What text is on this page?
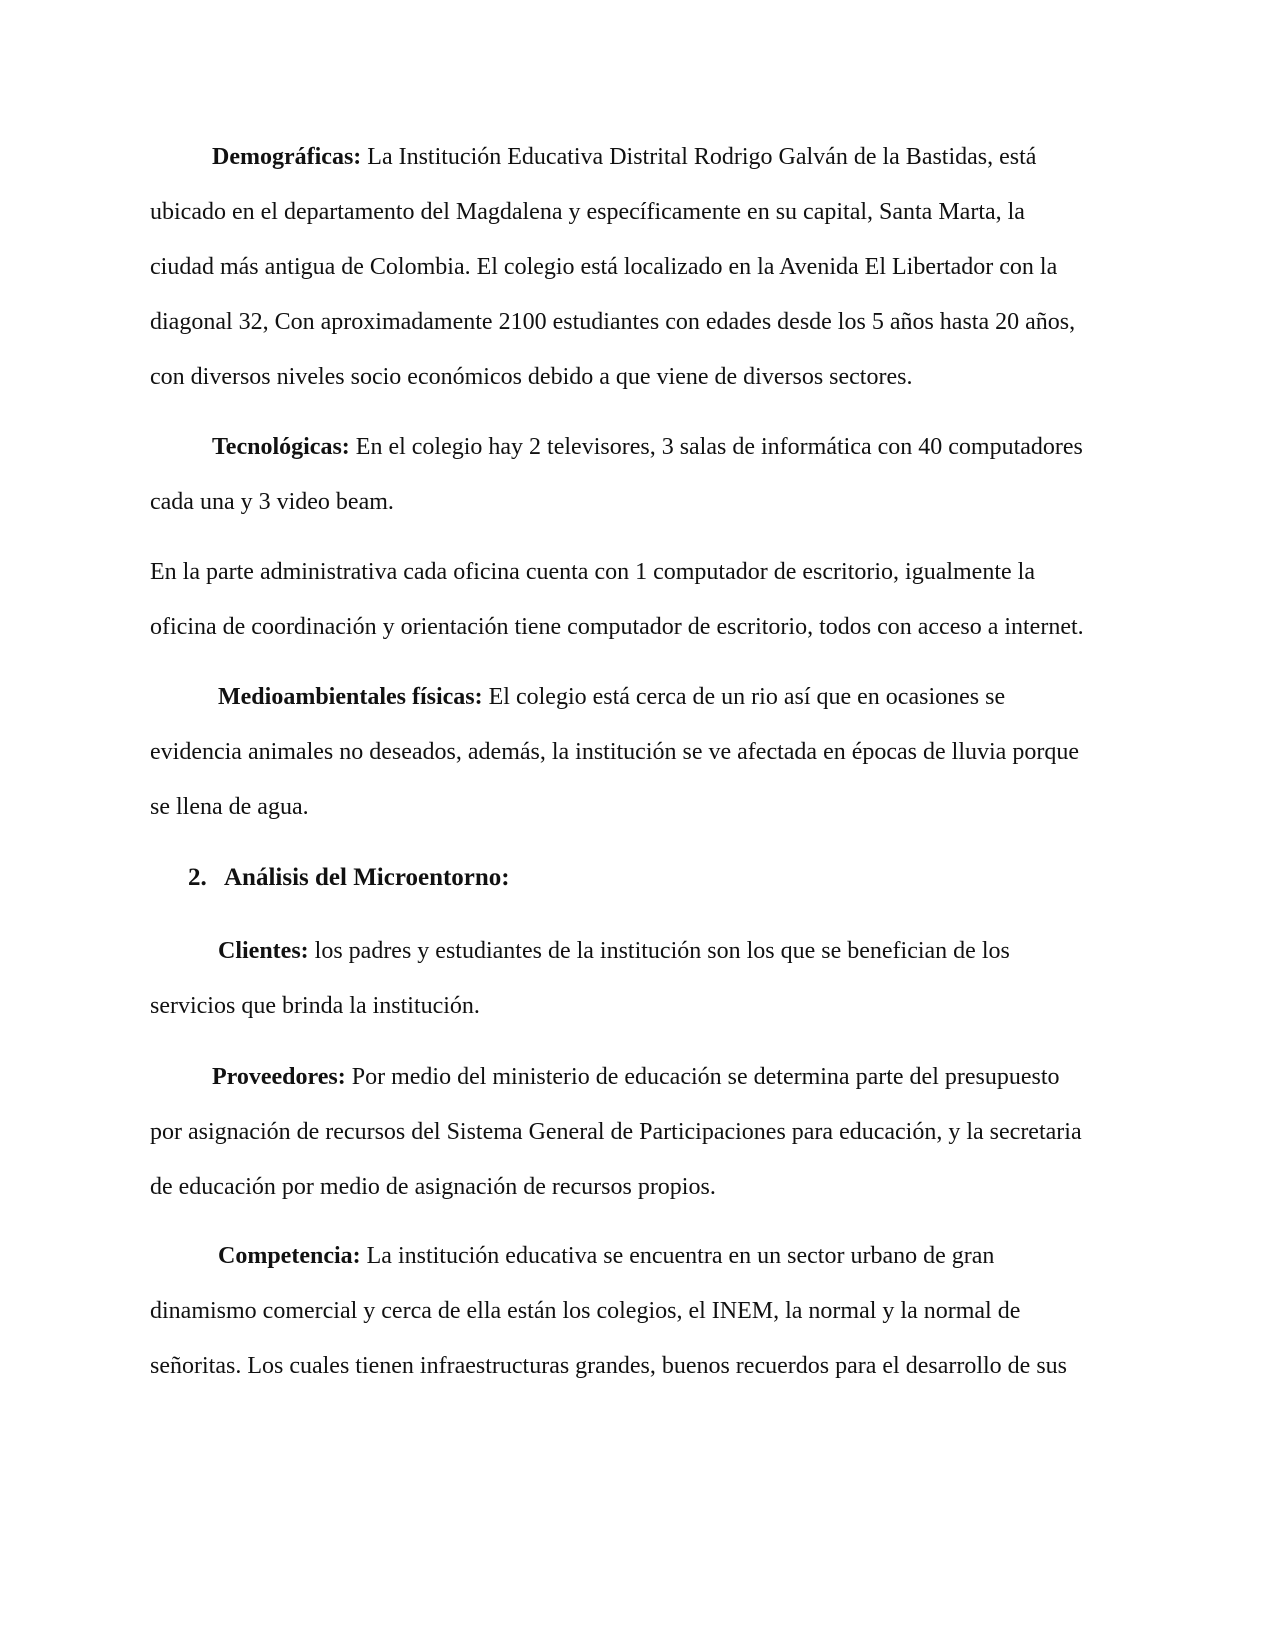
Demográficas: La Institución Educativa Distrital Rodrigo Galván de la Bastidas, está
ubicado en el departamento del Magdalena y específicamente en su capital, Santa Marta, la
ciudad más antigua de Colombia. El colegio está localizado en la Avenida El Libertador con la
diagonal 32, Con aproximadamente 2100 estudiantes con edades desde los 5 años hasta 20 años,
con diversos niveles socio económicos debido a que viene de diversos sectores.
Tecnológicas: En el colegio hay 2 televisores, 3 salas de informática con 40 computadores
cada una y 3 video beam.
En la parte administrativa cada oficina cuenta con 1 computador de escritorio, igualmente la
oficina de coordinación y orientación tiene computador de escritorio, todos con acceso a internet.
Medioambientales físicas: El colegio está cerca de un rio así que en ocasiones se
evidencia animales no deseados, además, la institución se ve afectada en épocas de lluvia porque
se llena de agua.
2. Análisis del Microentorno:
Clientes: los padres y estudiantes de la institución son los que se benefician de los
servicios que brinda la institución.
Proveedores: Por medio del ministerio de educación se determina parte del presupuesto
por asignación de recursos del Sistema General de Participaciones para educación, y la secretaria
de educación por medio de asignación de recursos propios.
Competencia: La institución educativa se encuentra en un sector urbano de gran
dinamismo comercial y cerca de ella están los colegios, el INEM, la normal y la normal de
señoritas. Los cuales tienen infraestructuras grandes, buenos recuerdos para el desarrollo de sus
